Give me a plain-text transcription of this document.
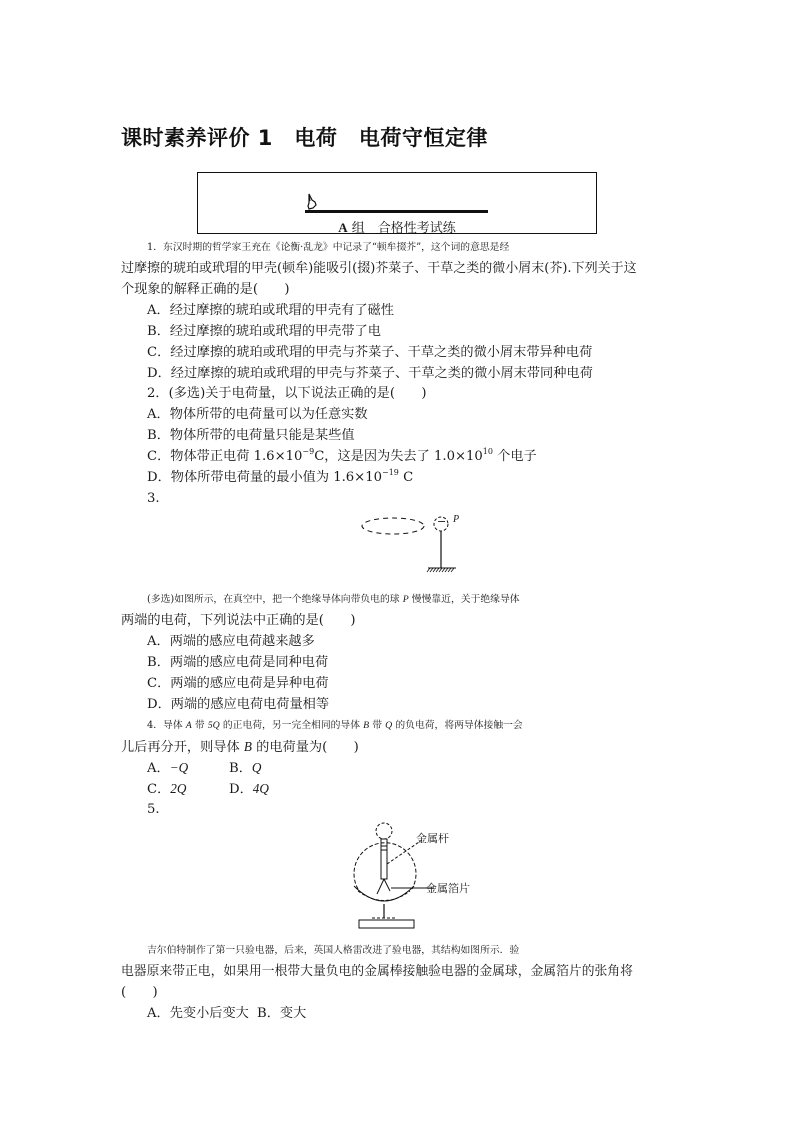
课时素养评价 1　电荷　电荷守恒定律
A 组　合格性考试练
1．东汉时期的哲学家王充在《论衡·乱龙》中记录了“顿牟掇芥”，这个词的意思是经
过摩擦的琥珀或玳瑁的甲壳(顿牟)能吸引(掇)芥菜子、干草之类的微小屑末(芥).下列关于这
个现象的解释正确的是(　　)
A．经过摩擦的琥珀或玳瑁的甲壳有了磁性
B．经过摩擦的琥珀或玳瑁的甲壳带了电
C．经过摩擦的琥珀或玳瑁的甲壳与芥菜子、干草之类的微小屑末带异种电荷
D．经过摩擦的琥珀或玳瑁的甲壳与芥菜子、干草之类的微小屑末带同种电荷
2．(多选)关于电荷量，以下说法正确的是(　　)
A．物体所带的电荷量可以为任意实数
B．物体所带的电荷量只能是某些值
C．物体带正电荷 $1.6\times 10^{-9}C$，这是因为失去了 $1.0\times 10^{10}$ 个电子
D．物体所带电荷量的最小值为 $1.6\times 10^{-19}$ C
3.
− P
(多选)如图所示，在真空中，把一个绝缘导体向带负电的球 P 慢慢靠近，关于绝缘导体
两端的电荷，下列说法中正确的是(　　)
A．两端的感应电荷越来越多
B．两端的感应电荷是同种电荷
C．两端的感应电荷是异种电荷
D．两端的感应电荷电荷量相等
4．导体 A 带 5Q 的正电荷，另一完全相同的导体 B 带 Q 的负电荷，将两导体接触一会
儿后再分开，则导体 B 的电荷量为(　　)
A．−Q	B．Q
C．2Q	D．4Q
5.
金属杆
金属箔片
吉尔伯特制作了第一只验电器，后来，英国人格雷改进了验电器，其结构如图所示．验
电器原来带正电，如果用一根带大量负电的金属棒接触验电器的金属球，金属箔片的张角将
(　　)
A．先变小后变大 B．变大
